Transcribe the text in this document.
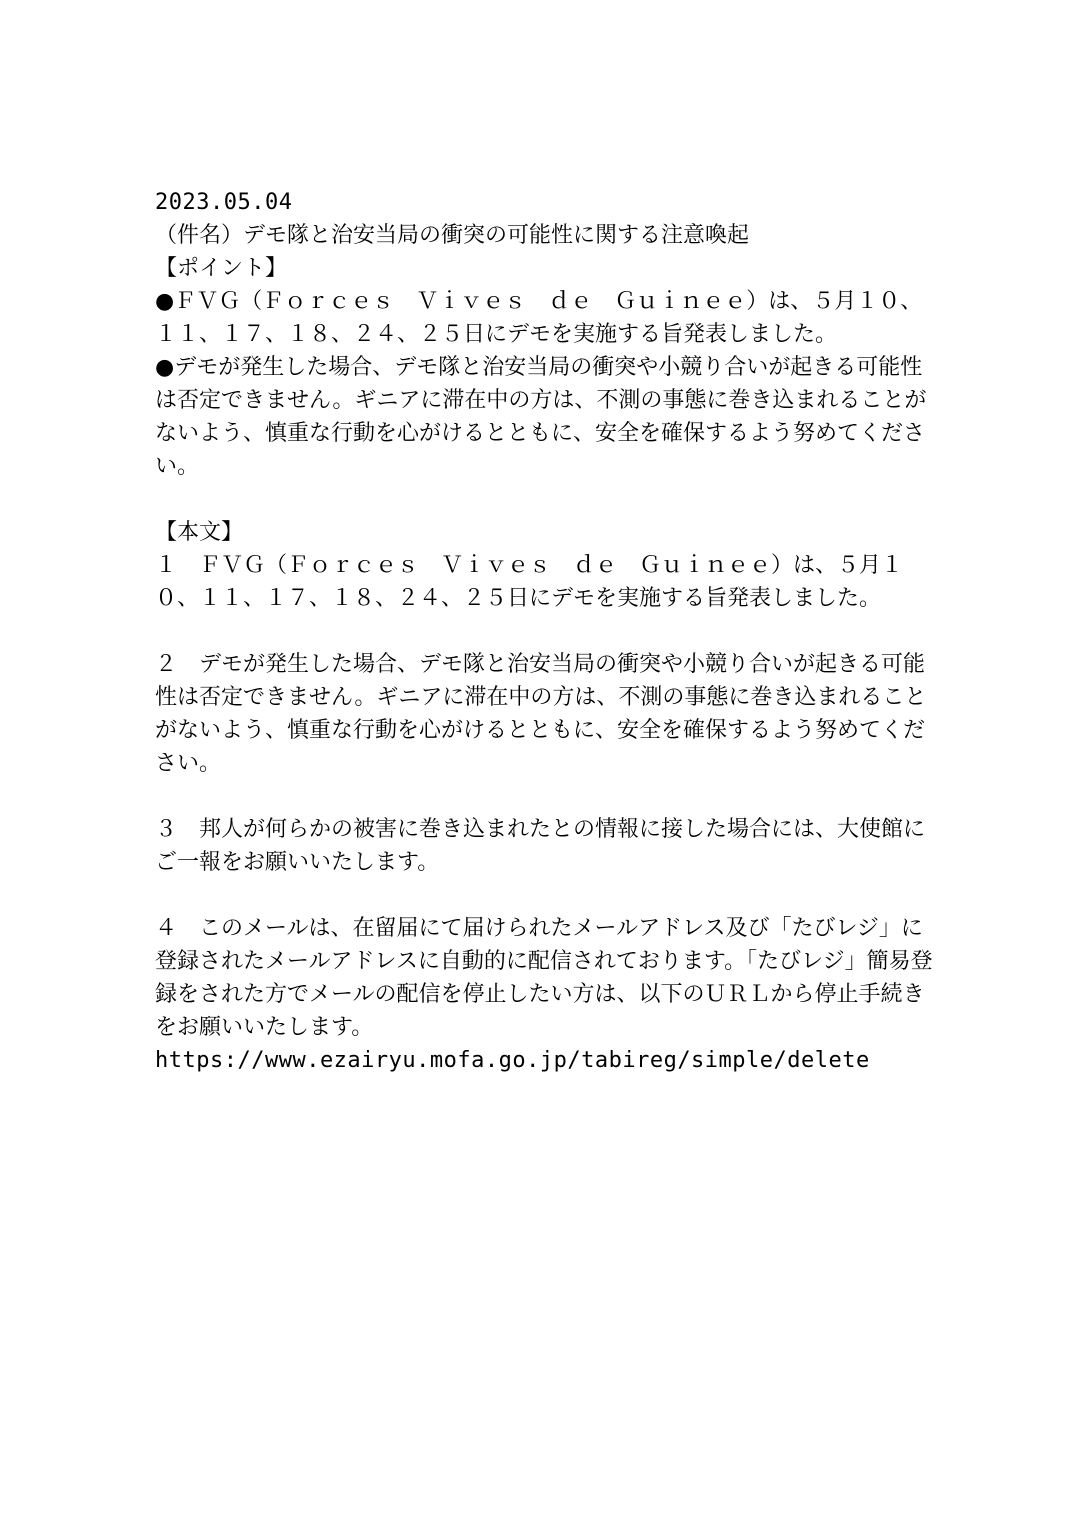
2023.05.04

（件名）デモ隊と治安当局の衝突の可能性に関する注意喚起

【ポイント】

●ＦＶＧ（Ｆｏｒｃｅｓ　Ｖｉｖｅｓ　ｄｅ　Ｇｕｉｎｅｅ）は、５月１０、１１、１７、１８、２４、２５日にデモを実施する旨発表しました。

●デモが発生した場合、デモ隊と治安当局の衝突や小競り合いが起きる可能性は否定できません。ギニアに滞在中の方は、不測の事態に巻き込まれることがないよう、慎重な行動を心がけるとともに、安全を確保するよう努めてください。

【本文】

１　ＦＶＧ（Ｆｏｒｃｅｓ　Ｖｉｖｅｓ　ｄｅ　Ｇｕｉｎｅｅ）は、５月１０、１１、１７、１８、２４、２５日にデモを実施する旨発表しました。

２　デモが発生した場合、デモ隊と治安当局の衝突や小競り合いが起きる可能性は否定できません。ギニアに滞在中の方は、不測の事態に巻き込まれることがないよう、慎重な行動を心がけるとともに、安全を確保するよう努めてください。

３　邦人が何らかの被害に巻き込まれたとの情報に接した場合には、大使館にご一報をお願いいたします。

４　このメールは、在留届にて届けられたメールアドレス及び「たびレジ」に登録されたメールアドレスに自動的に配信されております。「たびレジ」簡易登録をされた方でメールの配信を停止したい方は、以下のＵＲＬから停止手続きをお願いいたします。

https://www.ezairyu.mofa.go.jp/tabireg/simple/delete
